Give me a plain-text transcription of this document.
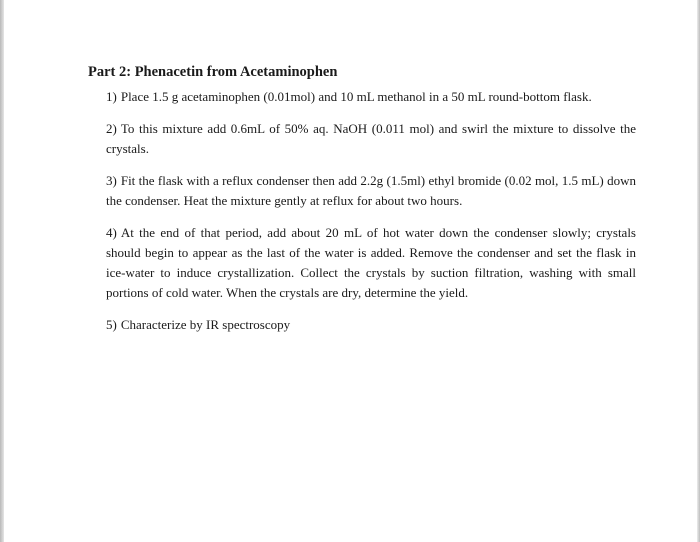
Part 2: Phenacetin from Acetaminophen
1) Place 1.5 g acetaminophen (0.01mol) and 10 mL methanol in a 50 mL round-bottom flask.
2) To this mixture add 0.6mL of 50% aq. NaOH (0.011 mol) and swirl the mixture to dissolve the crystals.
3) Fit the flask with a reflux condenser then add 2.2g (1.5ml) ethyl bromide (0.02 mol, 1.5 mL) down the condenser. Heat the mixture gently at reflux for about two hours.
4) At the end of that period, add about 20 mL of hot water down the condenser slowly; crystals should begin to appear as the last of the water is added. Remove the condenser and set the flask in ice-water to induce crystallization. Collect the crystals by suction filtration, washing with small portions of cold water. When the crystals are dry, determine the yield.
5) Characterize by IR spectroscopy
